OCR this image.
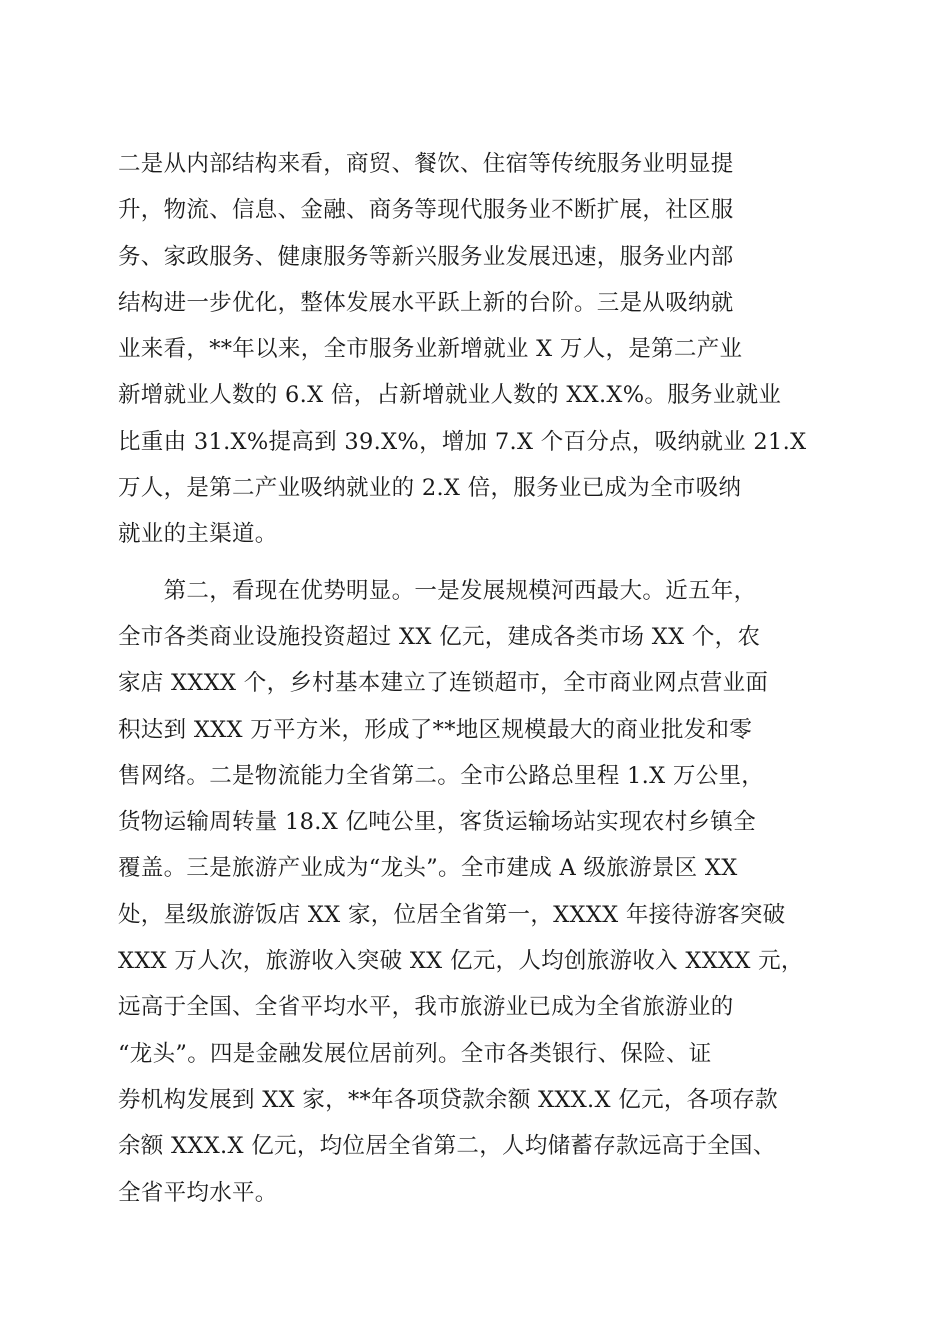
二是从内部结构来看，商贸、餐饮、住宿等传统服务业明显提
升，物流、信息、金融、商务等现代服务业不断扩展，社区服
务、家政服务、健康服务等新兴服务业发展迅速，服务业内部
结构进一步优化，整体发展水平跃上新的台阶。三是从吸纳就
业来看，**年以来，全市服务业新增就业 X 万人，是第二产业
新增就业人数的 6.X 倍，占新增就业人数的 XX.X%。服务业就业
比重由 31.X%提高到 39.X%，增加 7.X 个百分点，吸纳就业 21.X
万人，是第二产业吸纳就业的 2.X 倍，服务业已成为全市吸纳
就业的主渠道。
　　第二，看现在优势明显。一是发展规模河西最大。近五年，
全市各类商业设施投资超过 XX 亿元，建成各类市场 XX 个，农
家店 XXXX 个，乡村基本建立了连锁超市，全市商业网点营业面
积达到 XXX 万平方米，形成了**地区规模最大的商业批发和零
售网络。二是物流能力全省第二。全市公路总里程 1.X 万公里，
货物运输周转量 18.X 亿吨公里，客货运输场站实现农村乡镇全
覆盖。三是旅游产业成为“龙头”。全市建成 A 级旅游景区 XX
处，星级旅游饭店 XX 家，位居全省第一，XXXX 年接待游客突破
XXX 万人次，旅游收入突破 XX 亿元，人均创旅游收入 XXXX 元，
远高于全国、全省平均水平，我市旅游业已成为全省旅游业的
“龙头”。四是金融发展位居前列。全市各类银行、保险、证
券机构发展到 XX 家，**年各项贷款余额 XXX.X 亿元，各项存款
余额 XXX.X 亿元，均位居全省第二，人均储蓄存款远高于全国、
全省平均水平。
